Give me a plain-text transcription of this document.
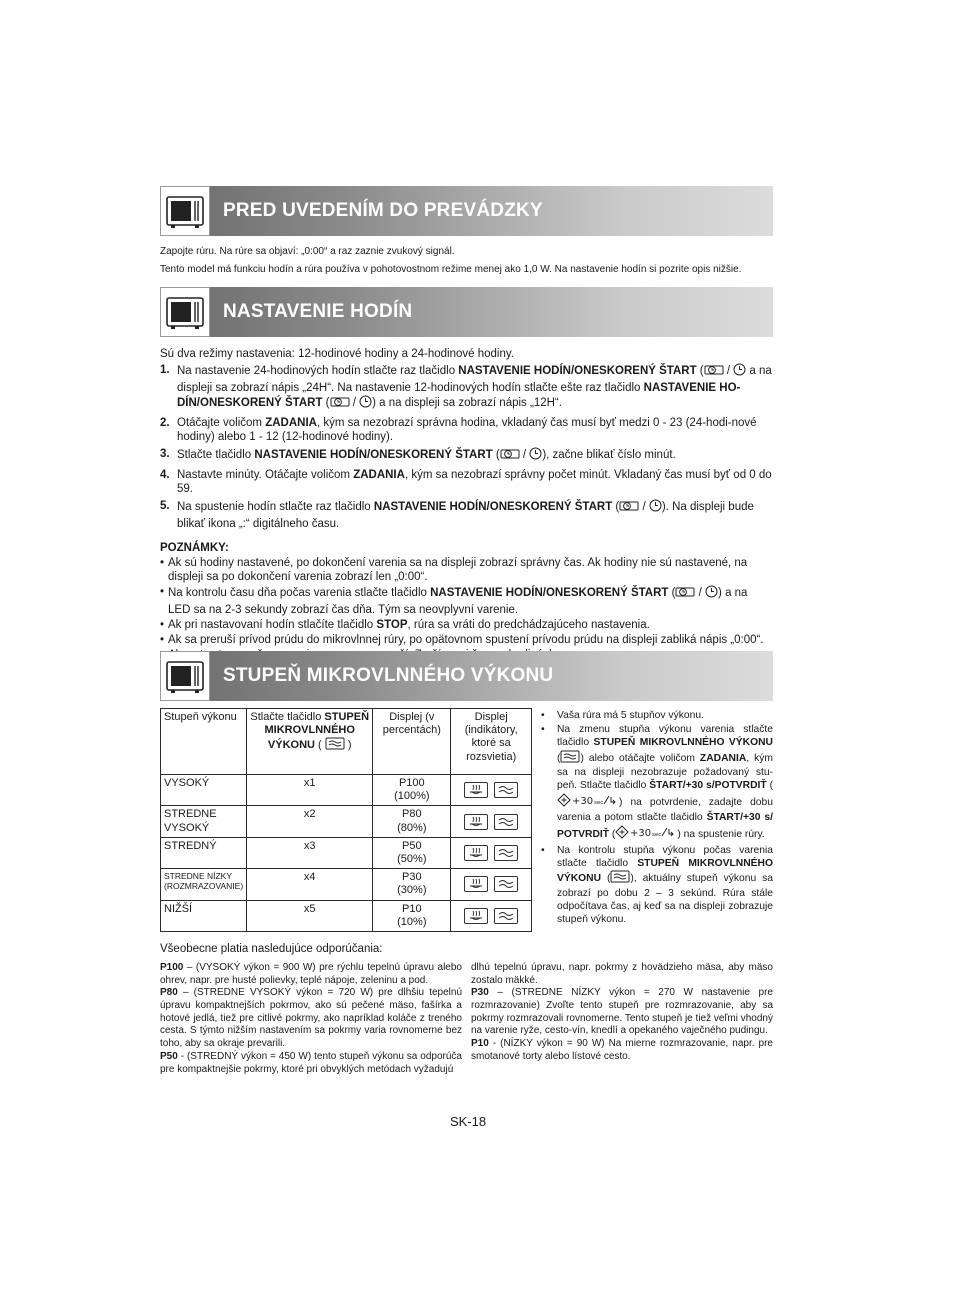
PRED UVEDENÍM DO PREVÁDZKY
Zapojte rúru. Na rúre sa objaví: „0:00“ a raz zaznie zvukový signál.
Tento model má funkciu hodín a rúra používa v pohotovostnom režime menej ako 1,0 W. Na nastavenie hodín si pozrite opis nižšie.
NASTAVENIE HODÍN
Sú dva režimy nastavenia: 12-hodinové hodiny a 24-hodinové hodiny.
1. Na nastavenie 24-hodinových hodín stlačte raz tlačidlo NASTAVENIE HODÍN/ONESKORENÝ ŠTART ( /  a na displeji sa zobrazí nápis „24H“. Na nastavenie 12-hodinových hodín stlačte ešte raz tlačidlo NASTAVENIE HO- DÍN/ONESKORENÝ ŠTART ( / ) a na displeji sa zobrazí nápis „12H“.
2. Otáčajte voličom ZADANIA, kým sa nezobrazí správna hodina, vkladaný čas musí byť medzi 0 - 23 (24-hodi-nové hodiny) alebo 1 - 12 (12-hodinové hodiny).
3. Stlačte tlačidlo NASTAVENIE HODÍN/ONESKORENÝ ŠTART ( / ), začne blikať číslo minút.
4. Nastavte minúty. Otáčajte voličom ZADANIA, kým sa nezobrazí správny počet minút. Vkladaný čas musí byť od 0 do 59.
5. Na spustenie hodín stlačte raz tlačidlo NASTAVENIE HODÍN/ONESKORENÝ ŠTART ( / ). Na displeji bude blikať ikona „:“ digitálneho času.
POZNÁMKY:
• Ak sú hodiny nastavené, po dokončení varenia sa na displeji zobrazí správny čas. Ak hodiny nie sú nastavené, na displeji sa po dokončení varenia zobrazí len „0:00“.
• Na kontrolu času dňa počas varenia stlačte tlačidlo NASTAVENIE HODÍN/ONESKORENÝ ŠTART ( / ) a na LED sa na 2-3 sekundy zobrazí čas dňa. Tým sa neovplyvní varenie.
• Ak pri nastavovaní hodín stlačíte tlačidlo STOP, rúra sa vráti do predchádzajúceho nastavenia.
• Ak sa preruší prívod prúdu do mikrovlnnej rúry, po opätovnom spustení prívodu prúdu na displeji zabliká nápis „0:00“.
STUPEŇ MIKROVLNNÉHO VÝKONU
Stupeň výkonu	Stlačte tlačidlo STUPEŇ MIKROVLNNÉHO VÝKONU (  )	Displej (v percentách)	Displej (indikátory, ktoré sa rozsvietia)
VYSOKÝ	x1	P100
(100%)

STREDNE VYSOKÝ	x2	P80
(80%)

STREDNÝ	x3	P50
(50%)

STREDNE NÍZKY (ROZMRAZOVANIE)	x4	P30
(30%)

NIŽŠÍ	x5	P10
(10%)

• Vaša rúra má 5 stupňov výkonu.
• Na zmenu stupňa výkonu varenia stlačte tlačidlo STUPEŇ MIKROVLNNÉHO VÝKONU ( ) alebo otáčajte voličom ZADANIA, kým sa na displeji nezobrazuje požadovaný stu-peň. Stlačte tlačidlo ŠTART/+30 s/POTVRDIŤ (
+30 sec ) na potvrdenie, zadajte dobu varenia a potom stlačte tlačidlo ŠTART/+30 s/ POTVRDIŤ ( +30 sec ) na spustenie rúry.
• Na kontrolu stupňa výkonu počas varenia stlačte tlačidlo STUPEŇ MIKROVLNNÉHO VÝKONU ( ), aktuálny stupeň výkonu sa zobrazí po dobu 2 – 3 sekúnd. Rúra stále odpočítava čas, aj keď sa na displeji zobrazuje stupeň výkonu.
Všeobecne platia nasledujúce odporúčania:

P100 – (VYSOKÝ výkon = 900 W) pre rýchlu tepelnú úpravu alebo ohrev, napr. pre husté polievky, teplé nápoje, zeleninu a pod.

P80 – (STREDNE VYSOKÝ výkon = 720 W) pre dlhšiu tepelnú úpravu kompaktnejších pokrmov, ako sú pečené mäso, fašírka a hotové jedlá, tiež pre citlivé pokrmy, ako napríklad koláče z treného cesta. S týmto nižším nastavením sa pokrmy varia rovnomerne bez toho, aby sa okraje prevarili.

P50 - (STREDNÝ výkon = 450 W) tento stupeň výkonu sa odporúča pre kompaktnejšie pokrmy, ktoré pri obvyklých metódach vyžadujú

dlhú tepelnú úpravu, napr. pokrmy z hovädzieho mäsa, aby mäso zostalo mäkké.

P30 – (STREDNE NÍZKY výkon = 270 W nastavenie pre rozmrazovanie) Zvoľte tento stupeň pre rozmrazovanie, aby sa pokrmy rozmrazovali rovnomerne. Tento stupeň je tiež veľmi vhodný na varenie ryže, cesto-vín, knedlí a opekaného vaječného pudingu.

P10 - (NÍZKY výkon = 90 W) Na mierne rozmrazovanie, napr. pre smotanové torty alebo lístové cesto.

SK-18
